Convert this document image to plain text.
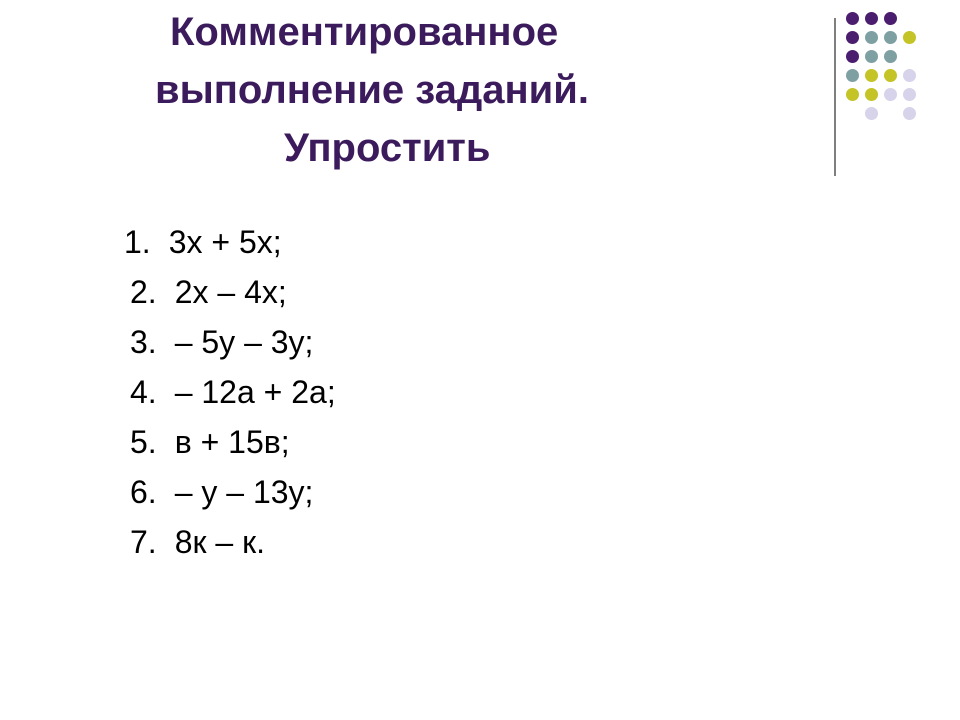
Комментированное
выполнение заданий.
Упростить
1. 3х + 5х;
2. 2х – 4х;
3. – 5у – 3у;
4. – 12а + 2а;
5. в + 15в;
6. – у – 13у;
7. 8к – к.
